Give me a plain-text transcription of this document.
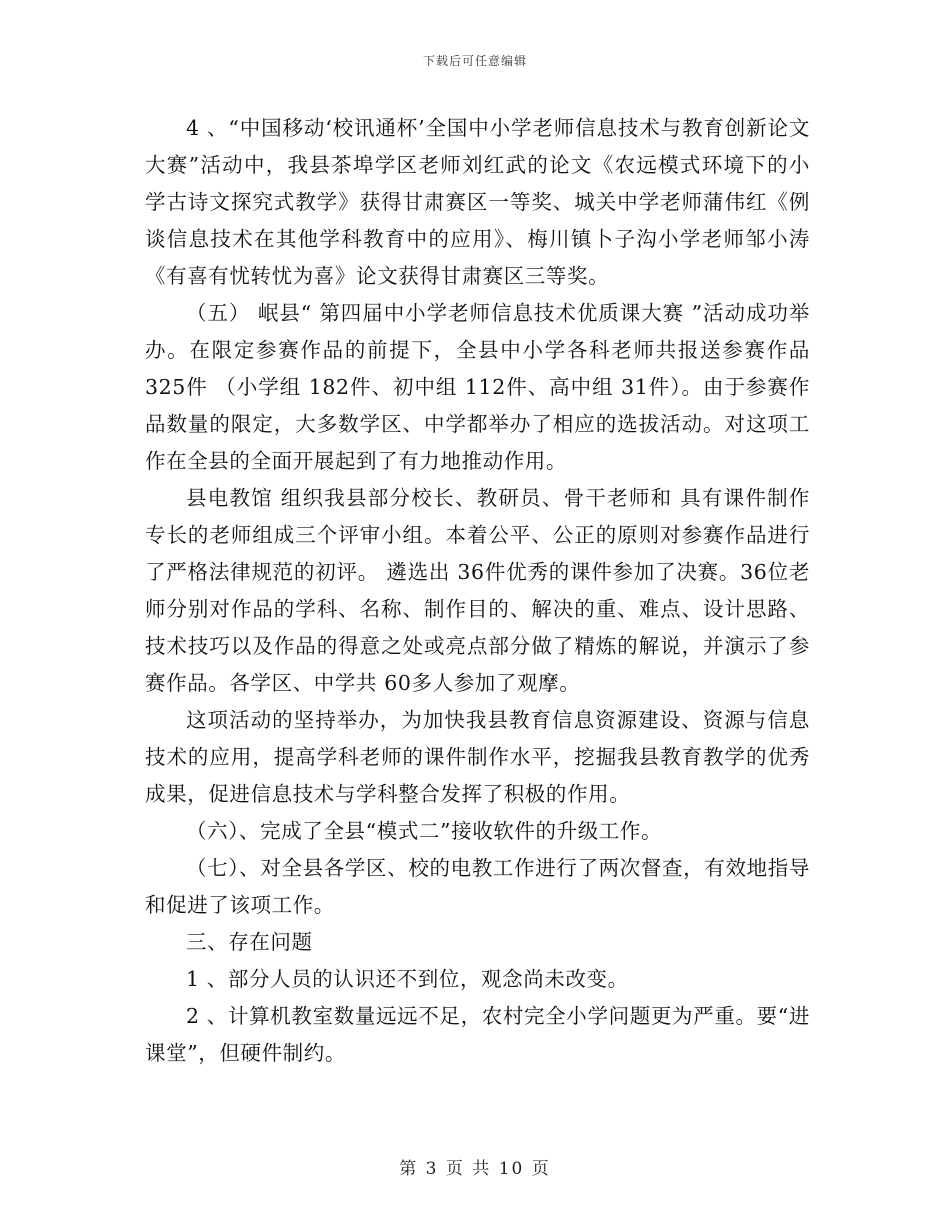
下载后可任意编辑

4 、“中国移动‘校讯通杯’全国中小学老师信息技术与教育创新论文大赛”活动中，我县茶埠学区老师刘红武的论文《农远模式环境下的小学古诗文探究式教学》获得甘肃赛区一等奖、城关中学老师蒲伟红《例谈信息技术在其他学科教育中的应用》、梅川镇卜子沟小学老师邹小涛《有喜有忧转忧为喜》论文获得甘肃赛区三等奖。

（五） 岷县“ 第四届中小学老师信息技术优质课大赛 ”活动成功举办。在限定参赛作品的前提下，全县中小学各科老师共报送参赛作品 325件 （小学组 182件、初中组 112件、高中组 31件）。由于参赛作品数量的限定，大多数学区、中学都举办了相应的选拔活动。对这项工作在全县的全面开展起到了有力地推动作用。

县电教馆 组织我县部分校长、教研员、骨干老师和 具有课件制作专长的老师组成三个评审小组。本着公平、公正的原则对参赛作品进行了严格法律规范的初评。 遴选出 36件优秀的课件参加了决赛。36位老师分别对作品的学科、名称、制作目的、解决的重、难点、设计思路、技术技巧以及作品的得意之处或亮点部分做了精炼的解说，并演示了参赛作品。各学区、中学共 60多人参加了观摩。

这项活动的坚持举办，为加快我县教育信息资源建设、资源与信息技术的应用，提高学科老师的课件制作水平，挖掘我县教育教学的优秀成果，促进信息技术与学科整合发挥了积极的作用。

（六）、完成了全县“模式二”接收软件的升级工作。

（七）、对全县各学区、校的电教工作进行了两次督查，有效地指导和促进了该项工作。

三、存在问题

1 、部分人员的认识还不到位，观念尚未改变。

2 、计算机教室数量远远不足，农村完全小学问题更为严重。要“进课堂”，但硬件制约。

第 3 页 共 10 页
